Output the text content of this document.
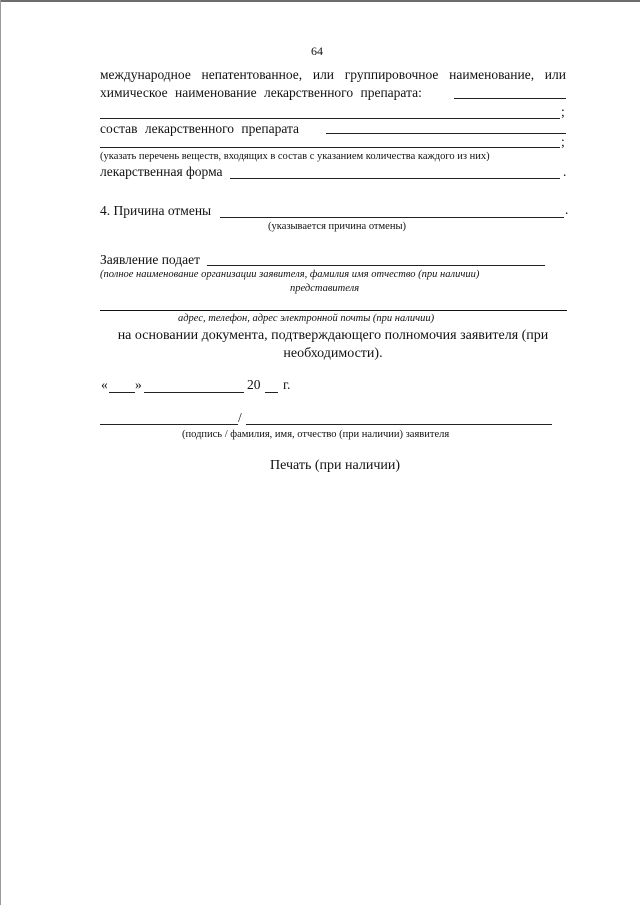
64
международное непатентованное, или группировочное наименование, или
химическое наименование лекарственного препарата:
;
состав лекарственного препарата
;
(указать перечень веществ, входящих в состав с указанием количества каждого из них)
лекарственная форма	.
4. Причина отмены	.
(указывается причина отмены)
Заявление подает
(полное наименование организации заявителя, фамилия имя отчество (при наличии)
представителя
адрес, телефон, адрес электронной почты (при наличии)
на основании документа, подтверждающего полномочия заявителя (при
необходимости).
« »	20 г.
/
(подпись / фамилия, имя, отчество (при наличии) заявителя
Печать (при наличии)
